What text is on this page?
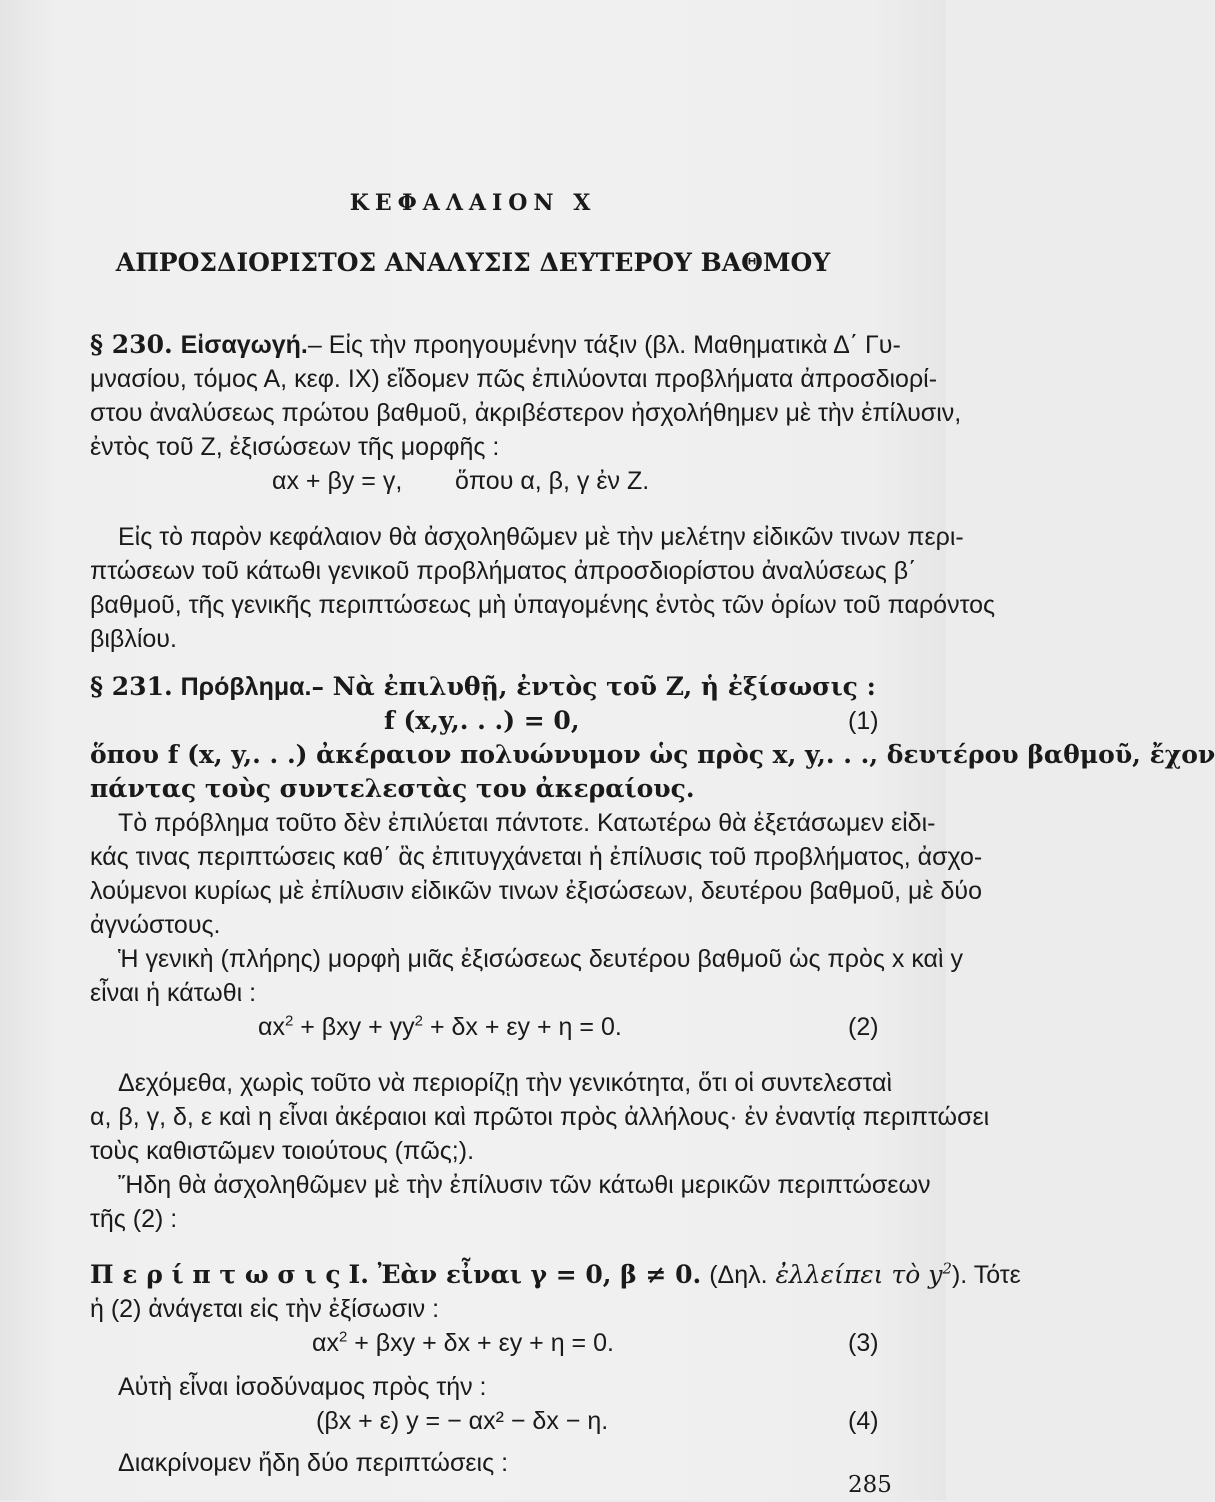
ΚΕΦΑΛΑΙΟΝ X
ΑΠΡΟΣΔΙΟΡΙΣΤΟΣ ΑΝΑΛΥΣΙΣ ΔΕΥΤΕΡΟΥ ΒΑΘΜΟΥ
§ 230. Εἰσαγωγή.– Εἰς τὴν προηγουμένην τάξιν (βλ. Μαθηματικὰ Δ΄ Γυ-
μνασίου, τόμος Α, κεφ. IX) εἴδομεν πῶς ἐπιλύονται προβλήματα ἀπροσδιορί-
στου ἀναλύσεως πρώτου βαθμοῦ, ἀκριβέστερον ἠσχολήθημεν μὲ τὴν ἐπίλυσιν,
ἐντὸς τοῦ Z, ἐξισώσεων τῆς μορφῆς :
αx + βy = γ, ὅπου α, β, γ ἐν Z.
Εἰς τὸ παρὸν κεφάλαιον θὰ ἀσχοληθῶμεν μὲ τὴν μελέτην εἰδικῶν τινων περι-
πτώσεων τοῦ κάτωθι γενικοῦ προβλήματος ἀπροσδιορίστου ἀναλύσεως β΄
βαθμοῦ, τῆς γενικῆς περιπτώσεως μὴ ὑπαγομένης ἐντὸς τῶν ὁρίων τοῦ παρόντος
βιβλίου.
§ 231. Πρόβλημα.– Νὰ ἐπιλυθῇ, ἐντὸς τοῦ Z, ἡ ἐξίσωσις :
f (x,y,. . .) = 0,	(1)
ὅπου f (x, y,. . .) ἀκέραιον πολυώνυμον ὡς πρὸς x, y,. . ., δευτέρου βαθμοῦ, ἔχον
πάντας τοὺς συντελεστὰς του ἀκεραίους.
Τὸ πρόβλημα τοῦτο δὲν ἐπιλύεται πάντοτε. Κατωτέρω θὰ ἐξετάσωμεν εἰδι-
κάς τινας περιπτώσεις καθ΄ ἃς ἐπιτυγχάνεται ἡ ἐπίλυσις τοῦ προβλήματος, ἀσχο-
λούμενοι κυρίως μὲ ἐπίλυσιν εἰδικῶν τινων ἐξισώσεων, δευτέρου βαθμοῦ, μὲ δύο
ἀγνώστους.
Ἡ γενικὴ (πλήρης) μορφὴ μιᾶς ἐξισώσεως δευτέρου βαθμοῦ ὡς πρὸς x καὶ y
εἶναι ἡ κάτωθι :
$\alpha x^2 + \beta xy + \gamma y^2 + \delta x + \varepsilon y + \eta = 0$.	(2)
Δεχόμεθα, χωρὶς τοῦτο νὰ περιορίζῃ τὴν γενικότητα, ὅτι οἱ συντελεσταὶ
α, β, γ, δ, ε καὶ η εἶναι ἀκέραιοι καὶ πρῶτοι πρὸς ἀλλήλους· ἐν ἐναντίᾳ περιπτώσει
τοὺς καθιστῶμεν τοιούτους (πῶς;).
Ἤδη θὰ ἀσχοληθῶμεν μὲ τὴν ἐπίλυσιν τῶν κάτωθι μερικῶν περιπτώσεων
τῆς (2) :
Π ε ρ ί π τ ω σ ι ς Ι. Ἐὰν εἶναι γ = 0, β ≠ 0. (Δηλ. ἐλλείπει τὸ $y^2$). Τότε
ἡ (2) ἀνάγεται εἰς τὴν ἐξίσωσιν :
$\alpha x^2 + \beta xy + \delta x + \varepsilon y + \eta = 0$.	(3)
Αὐτὴ εἶναι ἰσοδύναμος πρὸς τήν :
(βx + ε) y = − αx² − δx − η.	(4)
Διακρίνομεν ἤδη δύο περιπτώσεις :
285
